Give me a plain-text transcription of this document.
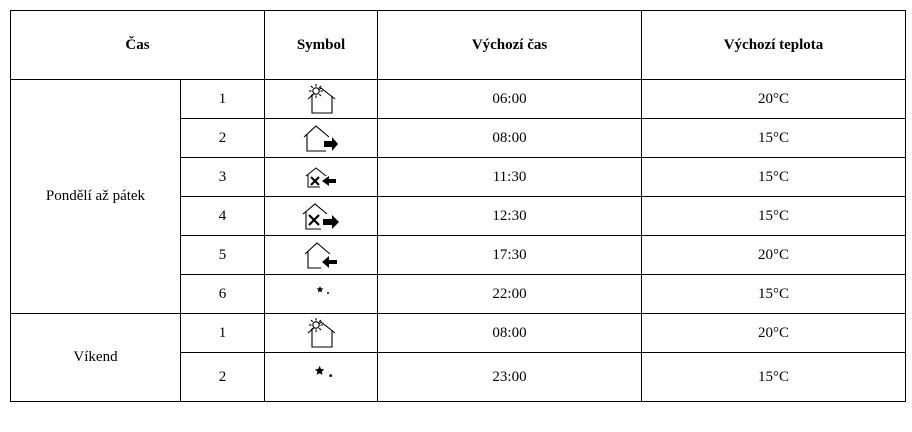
Čas		Symbol	Výchozí čas	Výchozí teplota
Pondělí až pátek	1		06:00	20°C
	2		08:00	15°C
	3		11:30	15°C
	4		12:30	15°C
	5		17:30	20°C
	6		22:00	15°C
Víkend	1		08:00	20°C
	2		23:00	15°C
